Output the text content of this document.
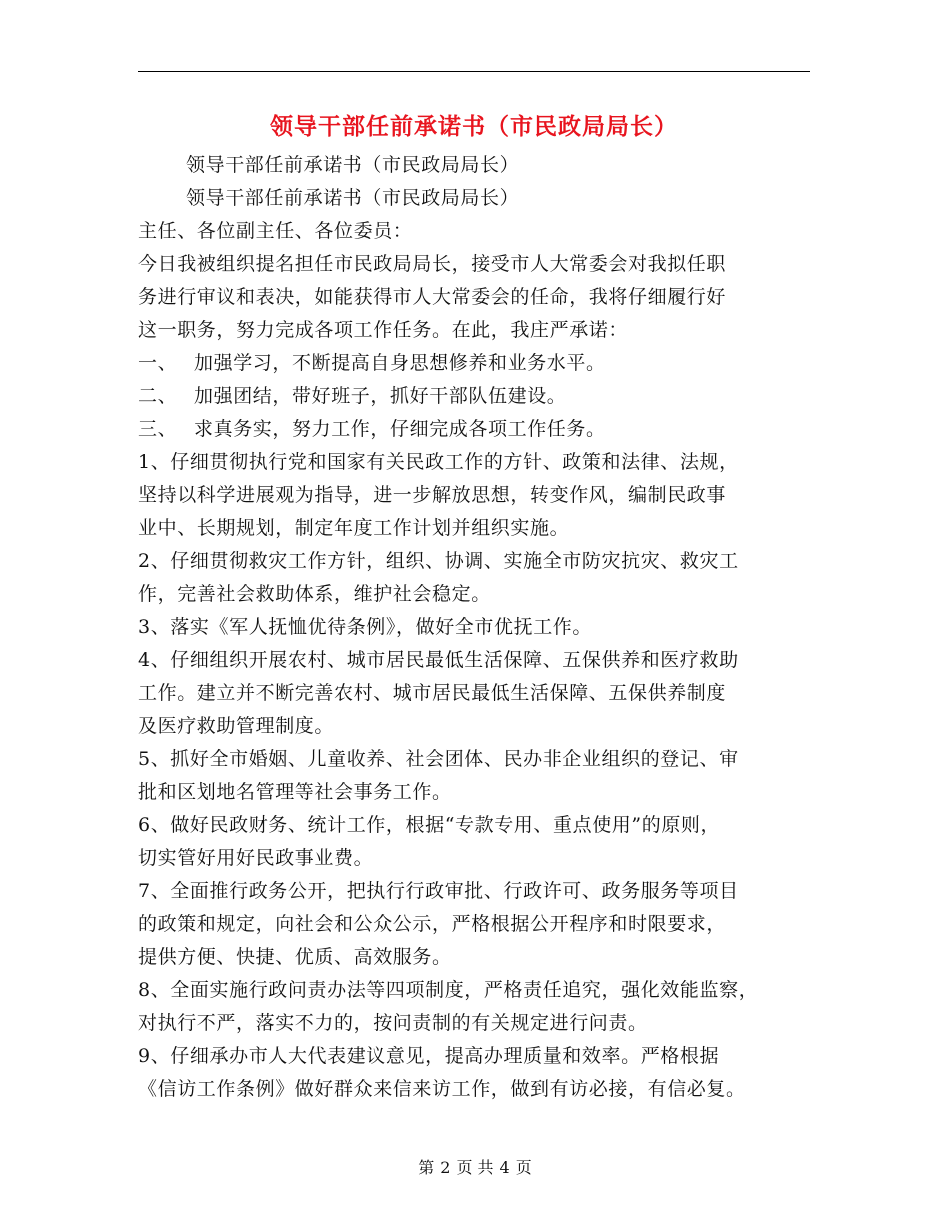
领导干部任前承诺书（市民政局局长）
领导干部任前承诺书（市民政局局长）
领导干部任前承诺书（市民政局局长）
主任、各位副主任、各位委员：
今日我被组织提名担任市民政局局长，接受市人大常委会对我拟任职
务进行审议和表决，如能获得市人大常委会的任命，我将仔细履行好
这一职务，努力完成各项工作任务。在此，我庄严承诺：
一、 加强学习，不断提高自身思想修养和业务水平。
二、 加强团结，带好班子，抓好干部队伍建设。
三、 求真务实，努力工作，仔细完成各项工作任务。
1、仔细贯彻执行党和国家有关民政工作的方针、政策和法律、法规，
坚持以科学进展观为指导，进一步解放思想，转变作风，编制民政事
业中、长期规划，制定年度工作计划并组织实施。
2、仔细贯彻救灾工作方针，组织、协调、实施全市防灾抗灾、救灾工
作，完善社会救助体系，维护社会稳定。
3、落实《军人抚恤优待条例》，做好全市优抚工作。
4、仔细组织开展农村、城市居民最低生活保障、五保供养和医疗救助
工作。建立并不断完善农村、城市居民最低生活保障、五保供养制度
及医疗救助管理制度。
5、抓好全市婚姻、儿童收养、社会团体、民办非企业组织的登记、审
批和区划地名管理等社会事务工作。
6、做好民政财务、统计工作，根据“专款专用、重点使用”的原则，
切实管好用好民政事业费。
7、全面推行政务公开，把执行行政审批、行政许可、政务服务等项目
的政策和规定，向社会和公众公示，严格根据公开程序和时限要求，
提供方便、快捷、优质、高效服务。
8、全面实施行政问责办法等四项制度，严格责任追究，强化效能监察，
对执行不严，落实不力的，按问责制的有关规定进行问责。
9、仔细承办市人大代表建议意见，提高办理质量和效率。严格根据
《信访工作条例》做好群众来信来访工作，做到有访必接，有信必复。
第 2 页 共 4 页
